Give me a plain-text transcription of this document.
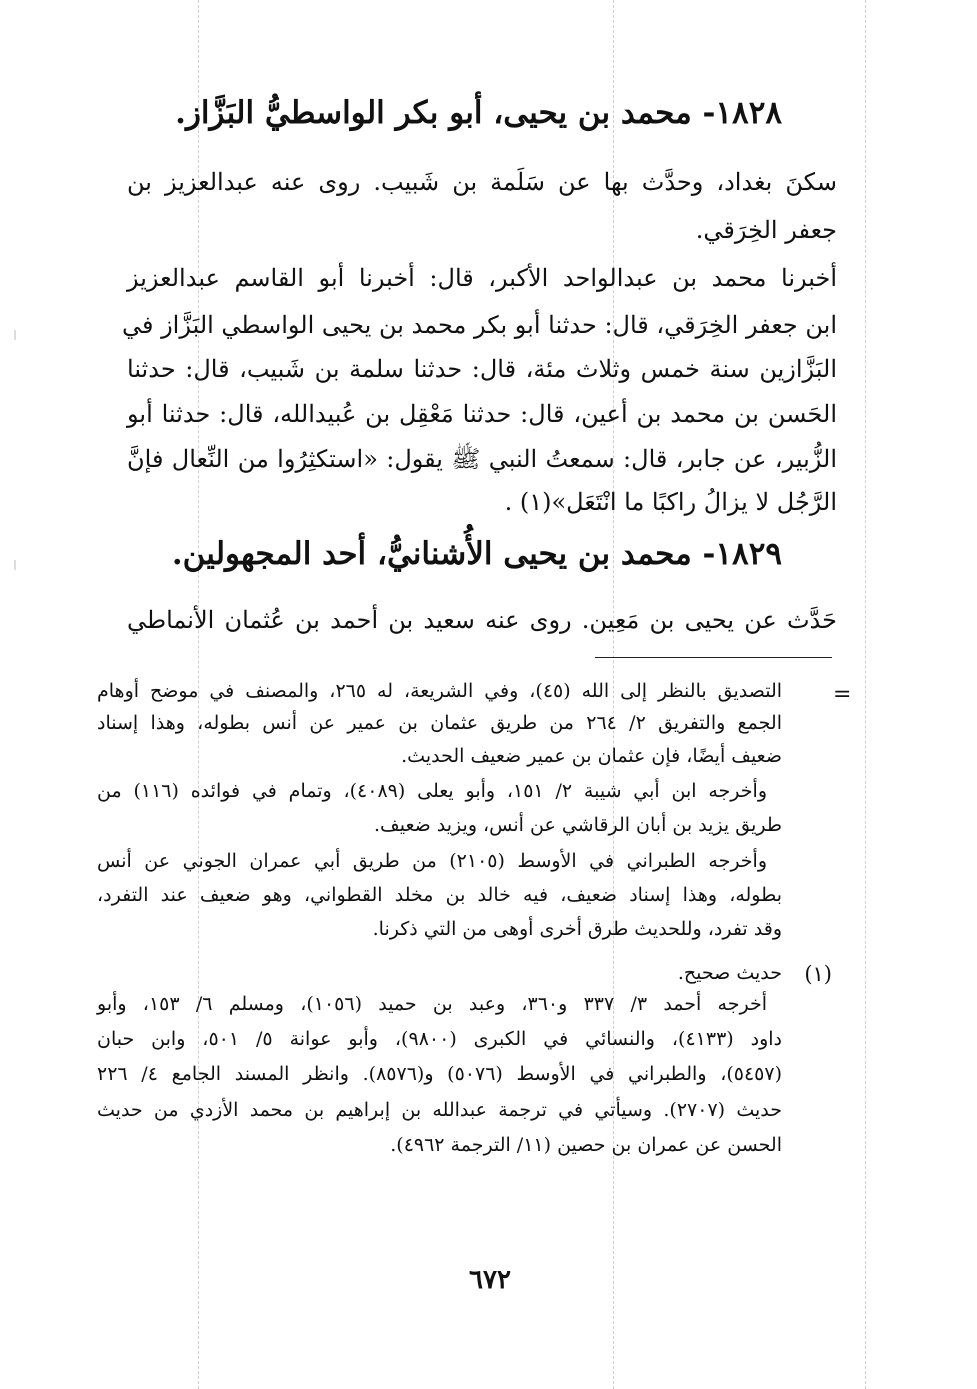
١٨٢٨- محمد بن يحيى، أبو بكر الواسطيُّ البَزَّاز.
سكنَ بغداد، وحدَّث بها عن سَلَمة بن شَبيب. روى عنه عبدالعزيز بن
جعفر الخِرَقي.
أخبرنا محمد بن عبدالواحد الأكبر، قال: أخبرنا أبو القاسم عبدالعزيز
ابن جعفر الخِرَقي، قال: حدثنا أبو بكر محمد بن يحيى الواسطي البَزَّاز في
البَزَّازين سنة خمس وثلاث مئة، قال: حدثنا سلمة بن شَبيب، قال: حدثنا
الحَسن بن محمد بن أعين، قال: حدثنا مَعْقِل بن عُبيدالله، قال: حدثنا أبو
الزُّبير، عن جابر، قال: سمعتُ النبي ﷺ يقول: «استكثِرُوا من النِّعال فإنَّ
الرَّجُل لا يزالُ راكبًا ما انْتَعَل»(١) .
١٨٢٩- محمد بن يحيى الأُشنانيُّ، أحد المجهولين.
حَدَّث عن يحيى بن مَعِين. روى عنه سعيد بن أحمد بن عُثمان الأنماطي
=
التصديق بالنظر إلى الله (٤٥)، وفي الشريعة، له ٢٦٥، والمصنف في موضح أوهام
الجمع والتفريق ٢/ ٢٦٤ من طريق عثمان بن عمير عن أنس بطوله، وهذا إسناد
ضعيف أيضًا، فإن عثمان بن عمير ضعيف الحديث.
وأخرجه ابن أبي شيبة ٢/ ١٥١، وأبو يعلى (٤٠٨٩)، وتمام في فوائده (١١٦) من
طريق يزيد بن أبان الرقاشي عن أنس، ويزيد ضعيف.
وأخرجه الطبراني في الأوسط (٢١٠٥) من طريق أبي عمران الجوني عن أنس
بطوله، وهذا إسناد ضعيف، فيه خالد بن مخلد القطواني، وهو ضعيف عند التفرد،
وقد تفرد، وللحديث طرق أخرى أوهى من التي ذكرنا.
(١)
حديث صحيح.
أخرجه أحمد ٣/ ٣٣٧ و٣٦٠، وعبد بن حميد (١٠٥٦)، ومسلم ٦/ ١٥٣، وأبو
داود (٤١٣٣)، والنسائي في الكبرى (٩٨٠٠)، وأبو عوانة ٥/ ٥٠١، وابن حبان
(٥٤٥٧)، والطبراني في الأوسط (٥٠٧٦) و(٨٥٧٦). وانظر المسند الجامع ٤/ ٢٢٦
حديث (٢٧٠٧). وسيأتي في ترجمة عبدالله بن إبراهيم بن محمد الأزدي من حديث
الحسن عن عمران بن حصين (١١/ الترجمة ٤٩٦٢).
٦٧٢
